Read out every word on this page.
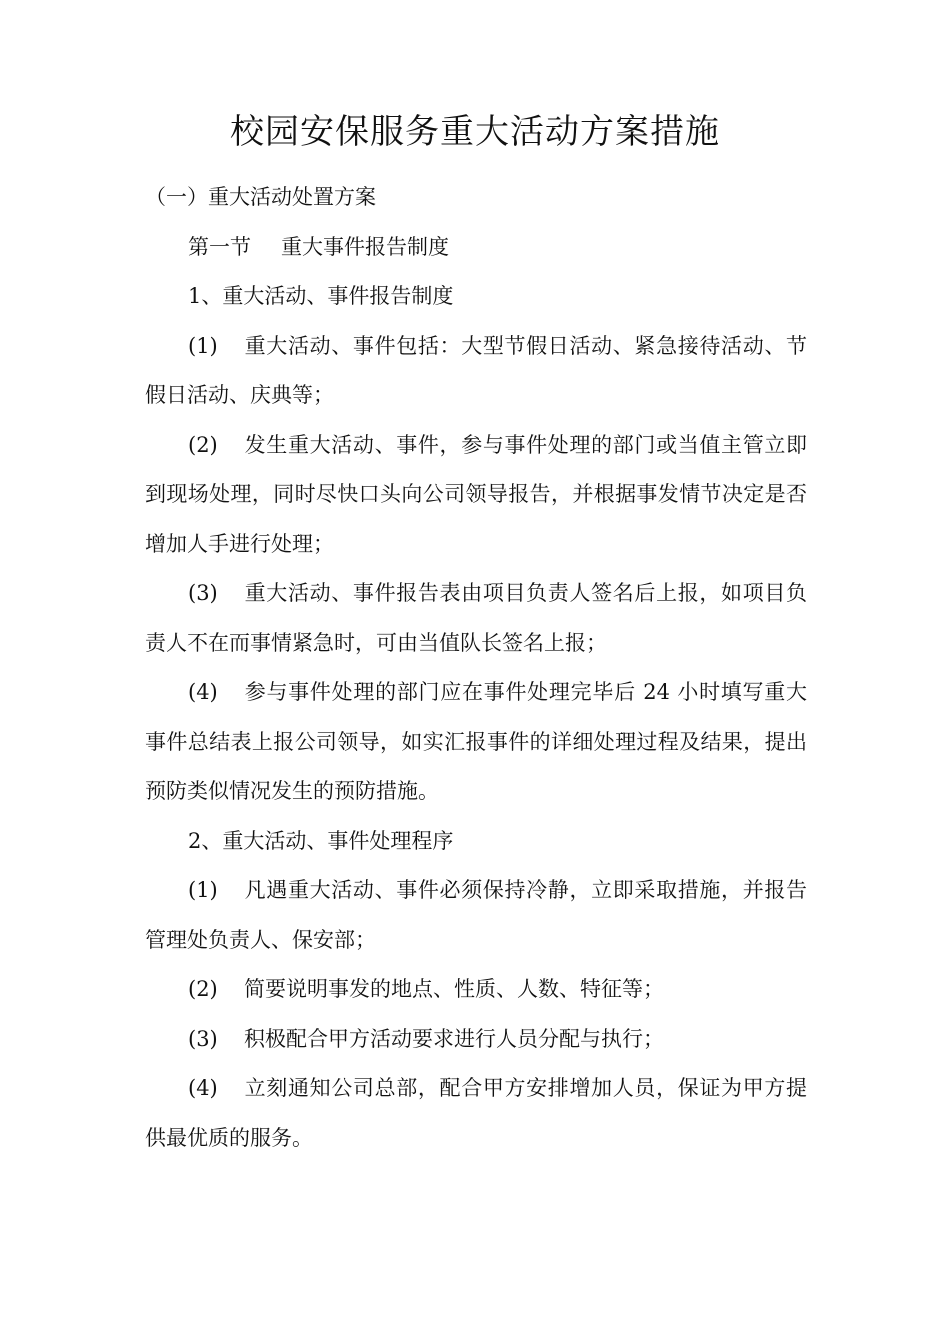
校园安保服务重大活动方案措施

（一）重大活动处置方案

第一节 重大事件报告制度

1、重大活动、事件报告制度

(1) 重大活动、事件包括：大型节假日活动、紧急接待活动、节假日活动、庆典等；

(2) 发生重大活动、事件，参与事件处理的部门或当值主管立即到现场处理，同时尽快口头向公司领导报告，并根据事发情节决定是否增加人手进行处理；

(3) 重大活动、事件报告表由项目负责人签名后上报，如项目负责人不在而事情紧急时，可由当值队长签名上报；

(4) 参与事件处理的部门应在事件处理完毕后 24 小时填写重大事件总结表上报公司领导，如实汇报事件的详细处理过程及结果，提出预防类似情况发生的预防措施。

2、重大活动、事件处理程序

(1) 凡遇重大活动、事件必须保持冷静，立即采取措施，并报告管理处负责人、保安部；

(2) 简要说明事发的地点、性质、人数、特征等；

(3) 积极配合甲方活动要求进行人员分配与执行；

(4) 立刻通知公司总部，配合甲方安排增加人员，保证为甲方提供最优质的服务。
